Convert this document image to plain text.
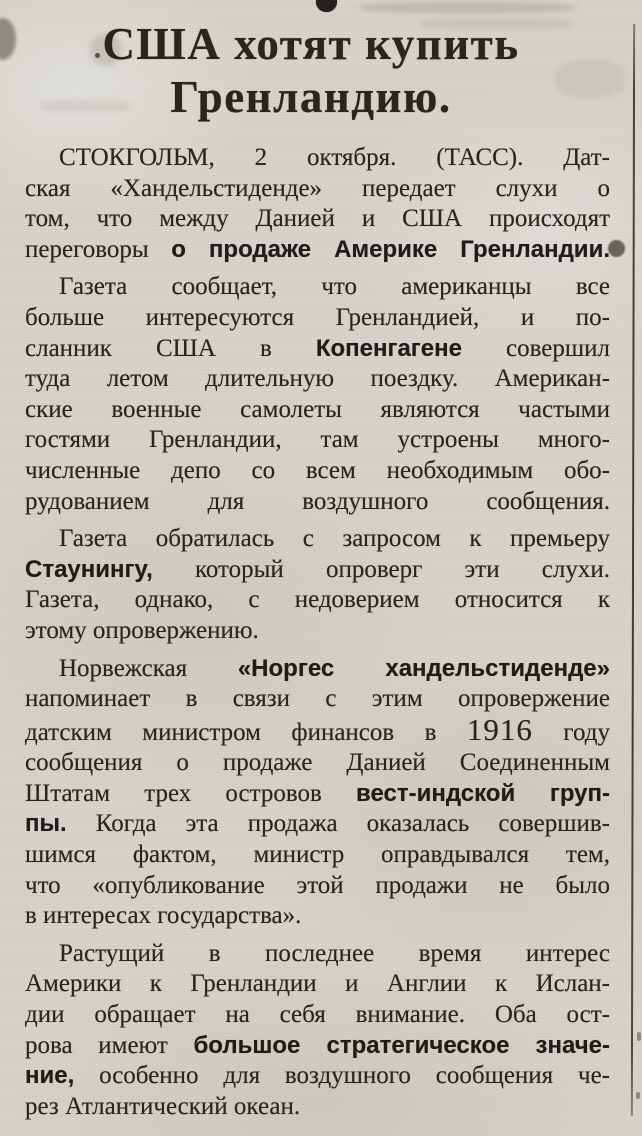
США хотят купить
Гренландию.
СТОКГОЛЬМ, 2 октября. (ТАСС). Дат-
ская «Хандельстиденде» передает слухи о
том, что между Данией и США происходят
переговоры о продаже Америке Гренландии.
Газета сообщает, что американцы все
больше интересуются Гренландией, и по-
сланник США в Копенгагене совершил
туда летом длительную поездку. Американ-
ские военные самолеты являются частыми
гостями Гренландии, там устроены много-
численные депо со всем необходимым обо-
рудованием для воздушного сообщения.
Газета обратилась с запросом к премьеру
Стаунингу, который опроверг эти слухи.
Газета, однако, с недоверием относится к
этому опровержению.
Норвежская «Норгес хандельстиденде»
напоминает в связи с этим опровержение
датским министром финансов в 1916 году
сообщения о продаже Данией Соединенным
Штатам трех островов вест-индской груп-
пы. Когда эта продажа оказалась совершив-
шимся фактом, министр оправдывался тем,
что «опубликование этой продажи не было
в интересах государства».
Растущий в последнее время интерес
Америки к Гренландии и Англии к Ислан-
дии обращает на себя внимание. Оба ост-
рова имеют большое стратегическое значе-
ние, особенно для воздушного сообщения че-
рез Атлантический океан.
